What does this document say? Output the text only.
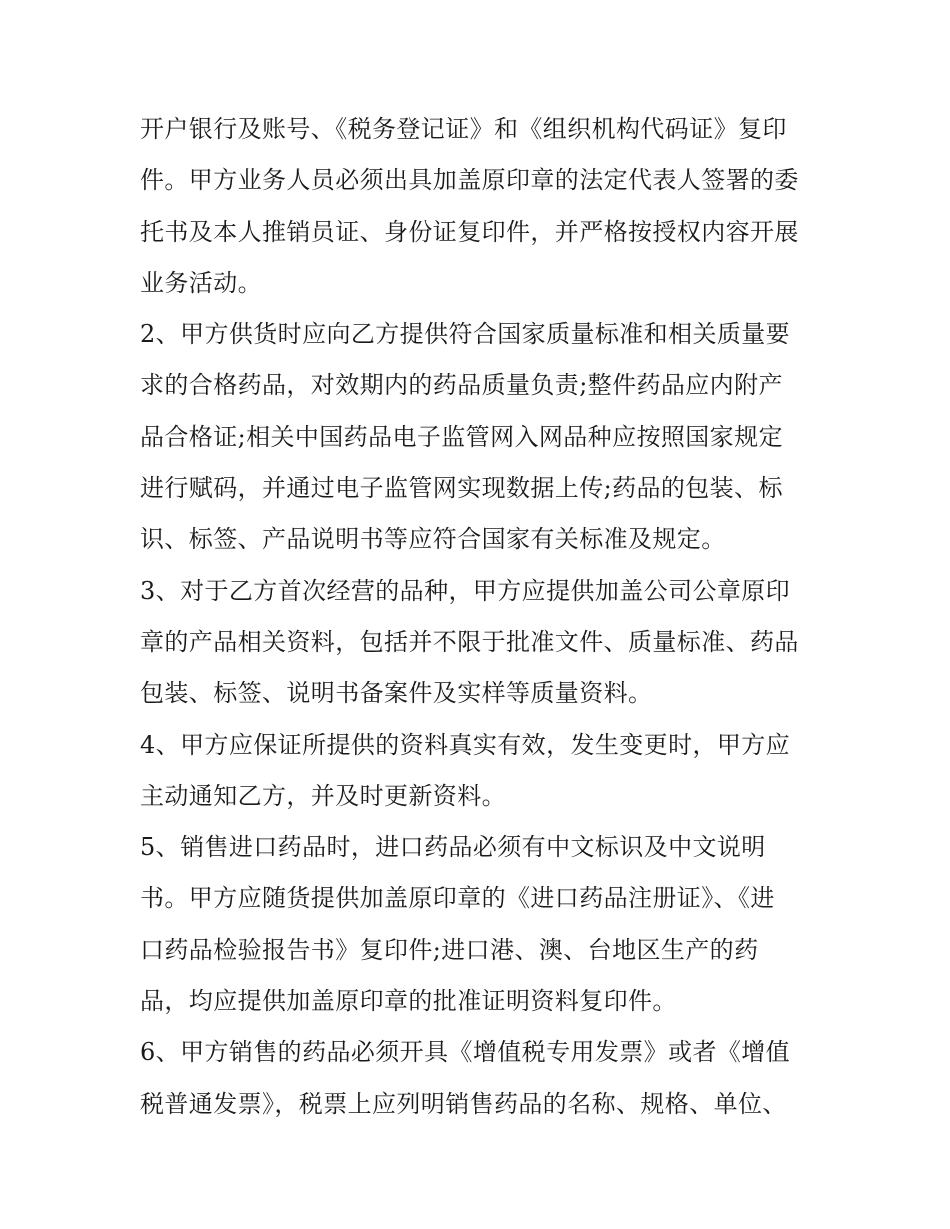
开户银行及账号、《税务登记证》和《组织机构代码证》复印
件。甲方业务人员必须出具加盖原印章的法定代表人签署的委
托书及本人推销员证、身份证复印件，并严格按授权内容开展
业务活动。
2、甲方供货时应向乙方提供符合国家质量标准和相关质量要
求的合格药品，对效期内的药品质量负责;整件药品应内附产
品合格证;相关中国药品电子监管网入网品种应按照国家规定
进行赋码，并通过电子监管网实现数据上传;药品的包装、标
识、标签、产品说明书等应符合国家有关标准及规定。
3、对于乙方首次经营的品种，甲方应提供加盖公司公章原印
章的产品相关资料，包括并不限于批准文件、质量标准、药品
包装、标签、说明书备案件及实样等质量资料。
4、甲方应保证所提供的资料真实有效，发生变更时，甲方应
主动通知乙方，并及时更新资料。
5、销售进口药品时，进口药品必须有中文标识及中文说明
书。甲方应随货提供加盖原印章的《进口药品注册证》、《进
口药品检验报告书》复印件;进口港、澳、台地区生产的药
品，均应提供加盖原印章的批准证明资料复印件。
6、甲方销售的药品必须开具《增值税专用发票》或者《增值
税普通发票》，税票上应列明销售药品的名称、规格、单位、
